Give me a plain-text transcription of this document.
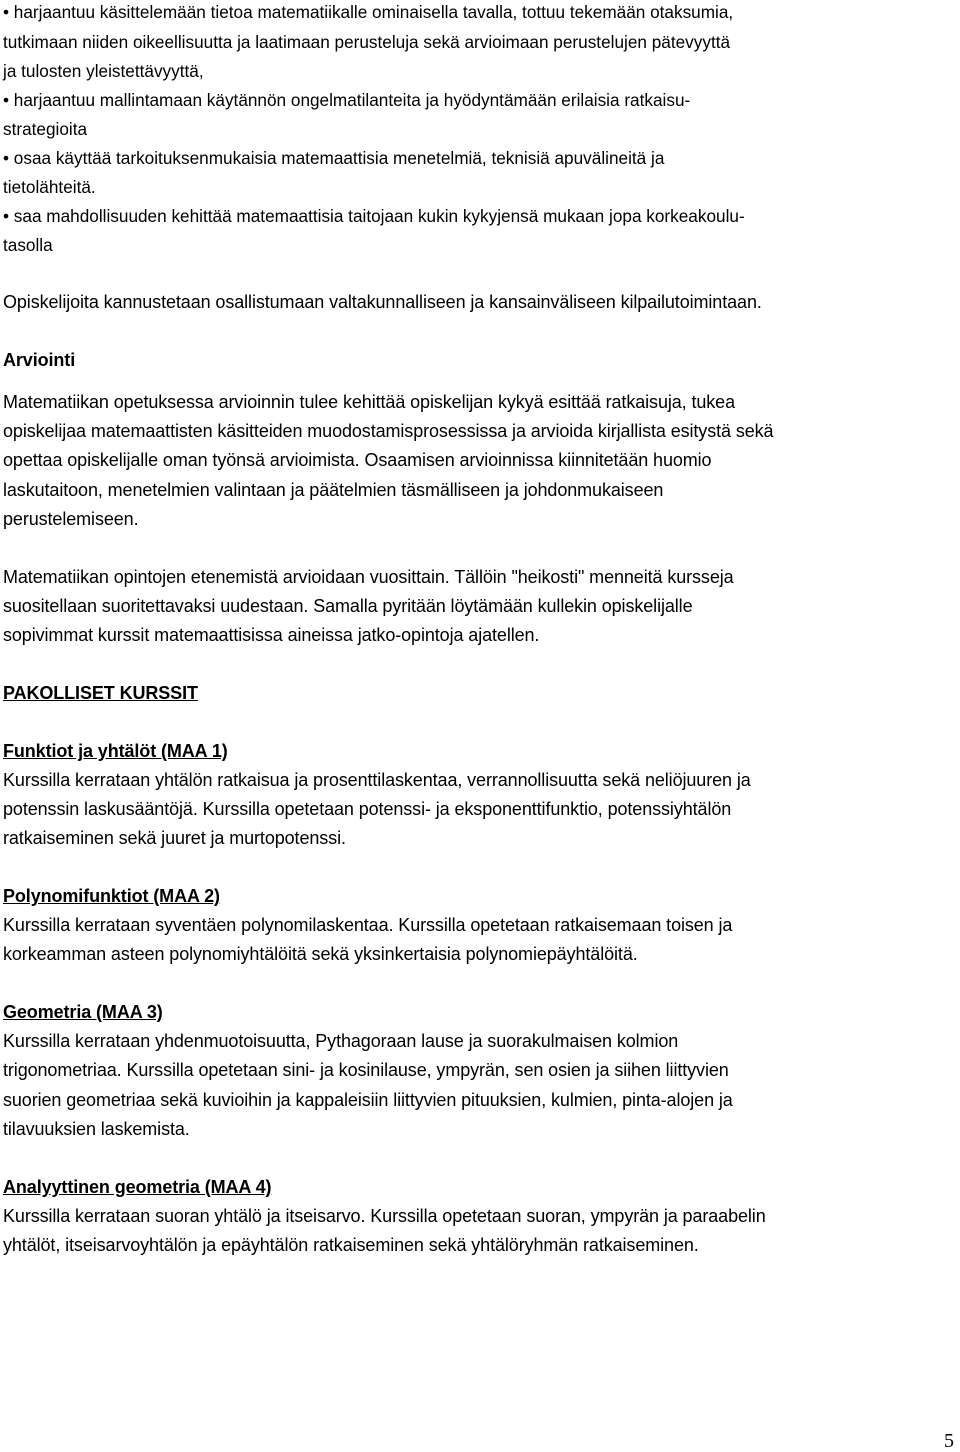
• harjaantuu käsittelemään tietoa matematiikalle ominaisella tavalla, tottuu tekemään otaksumia,
tutkimaan niiden oikeellisuutta ja laatimaan perusteluja sekä arvioimaan perustelujen pätevyyttä
ja tulosten yleistettävyyttä,
• harjaantuu mallintamaan käytännön ongelmatilanteita ja hyödyntämään erilaisia ratkaisu-
strategioita
• osaa käyttää tarkoituksenmukaisia matemaattisia menetelmiä, teknisiä apuvälineitä ja
tietolähteitä.
• saa mahdollisuuden kehittää matemaattisia taitojaan kukin kykyjensä mukaan jopa korkeakoulu-
tasolla
Opiskelijoita kannustetaan osallistumaan valtakunnalliseen ja kansainväliseen kilpailutoimintaan.
Arviointi
Matematiikan opetuksessa arvioinnin tulee kehittää opiskelijan kykyä esittää ratkaisuja, tukea
opiskelijaa matemaattisten käsitteiden muodostamisprosessissa ja arvioida kirjallista esitystä sekä
opettaa opiskelijalle oman työnsä arvioimista. Osaamisen arvioinnissa kiinnitetään huomio
laskutaitoon, menetelmien valintaan ja päätelmien täsmälliseen ja johdonmukaiseen
perustelemiseen.
Matematiikan opintojen etenemistä arvioidaan vuosittain. Tällöin "heikosti" menneitä kursseja
suositellaan suoritettavaksi uudestaan. Samalla pyritään löytämään kullekin opiskelijalle
sopivimmat kurssit matemaattisissa aineissa jatko-opintoja ajatellen.
PAKOLLISET KURSSIT
Funktiot ja yhtälöt (MAA 1)
Kurssilla kerrataan yhtälön ratkaisua ja prosenttilaskentaa, verrannollisuutta sekä neliöjuuren ja
potenssin laskusääntöjä. Kurssilla opetetaan potenssi- ja eksponenttifunktio, potenssiyhtälön
ratkaiseminen sekä juuret ja murtopotenssi.
Polynomifunktiot (MAA 2)
Kurssilla kerrataan syventäen polynomilaskentaa. Kurssilla opetetaan ratkaisemaan toisen ja
korkeamman asteen polynomiyhtälöitä sekä yksinkertaisia polynomiepäyhtälöitä.
Geometria (MAA 3)
Kurssilla kerrataan yhdenmuotoisuutta, Pythagoraan lause ja suorakulmaisen kolmion
trigonometriaa. Kurssilla opetetaan sini- ja kosinilause, ympyrän, sen osien ja siihen liittyvien
suorien geometriaa sekä kuvioihin ja kappaleisiin liittyvien pituuksien, kulmien, pinta-alojen ja
tilavuuksien laskemista.
Analyyttinen geometria (MAA 4)
Kurssilla kerrataan suoran yhtälö ja itseisarvo. Kurssilla opetetaan suoran, ympyrän ja paraabelin
yhtälöt, itseisarvoyhtälön ja epäyhtälön ratkaiseminen sekä yhtälöryhmän ratkaiseminen.
5
